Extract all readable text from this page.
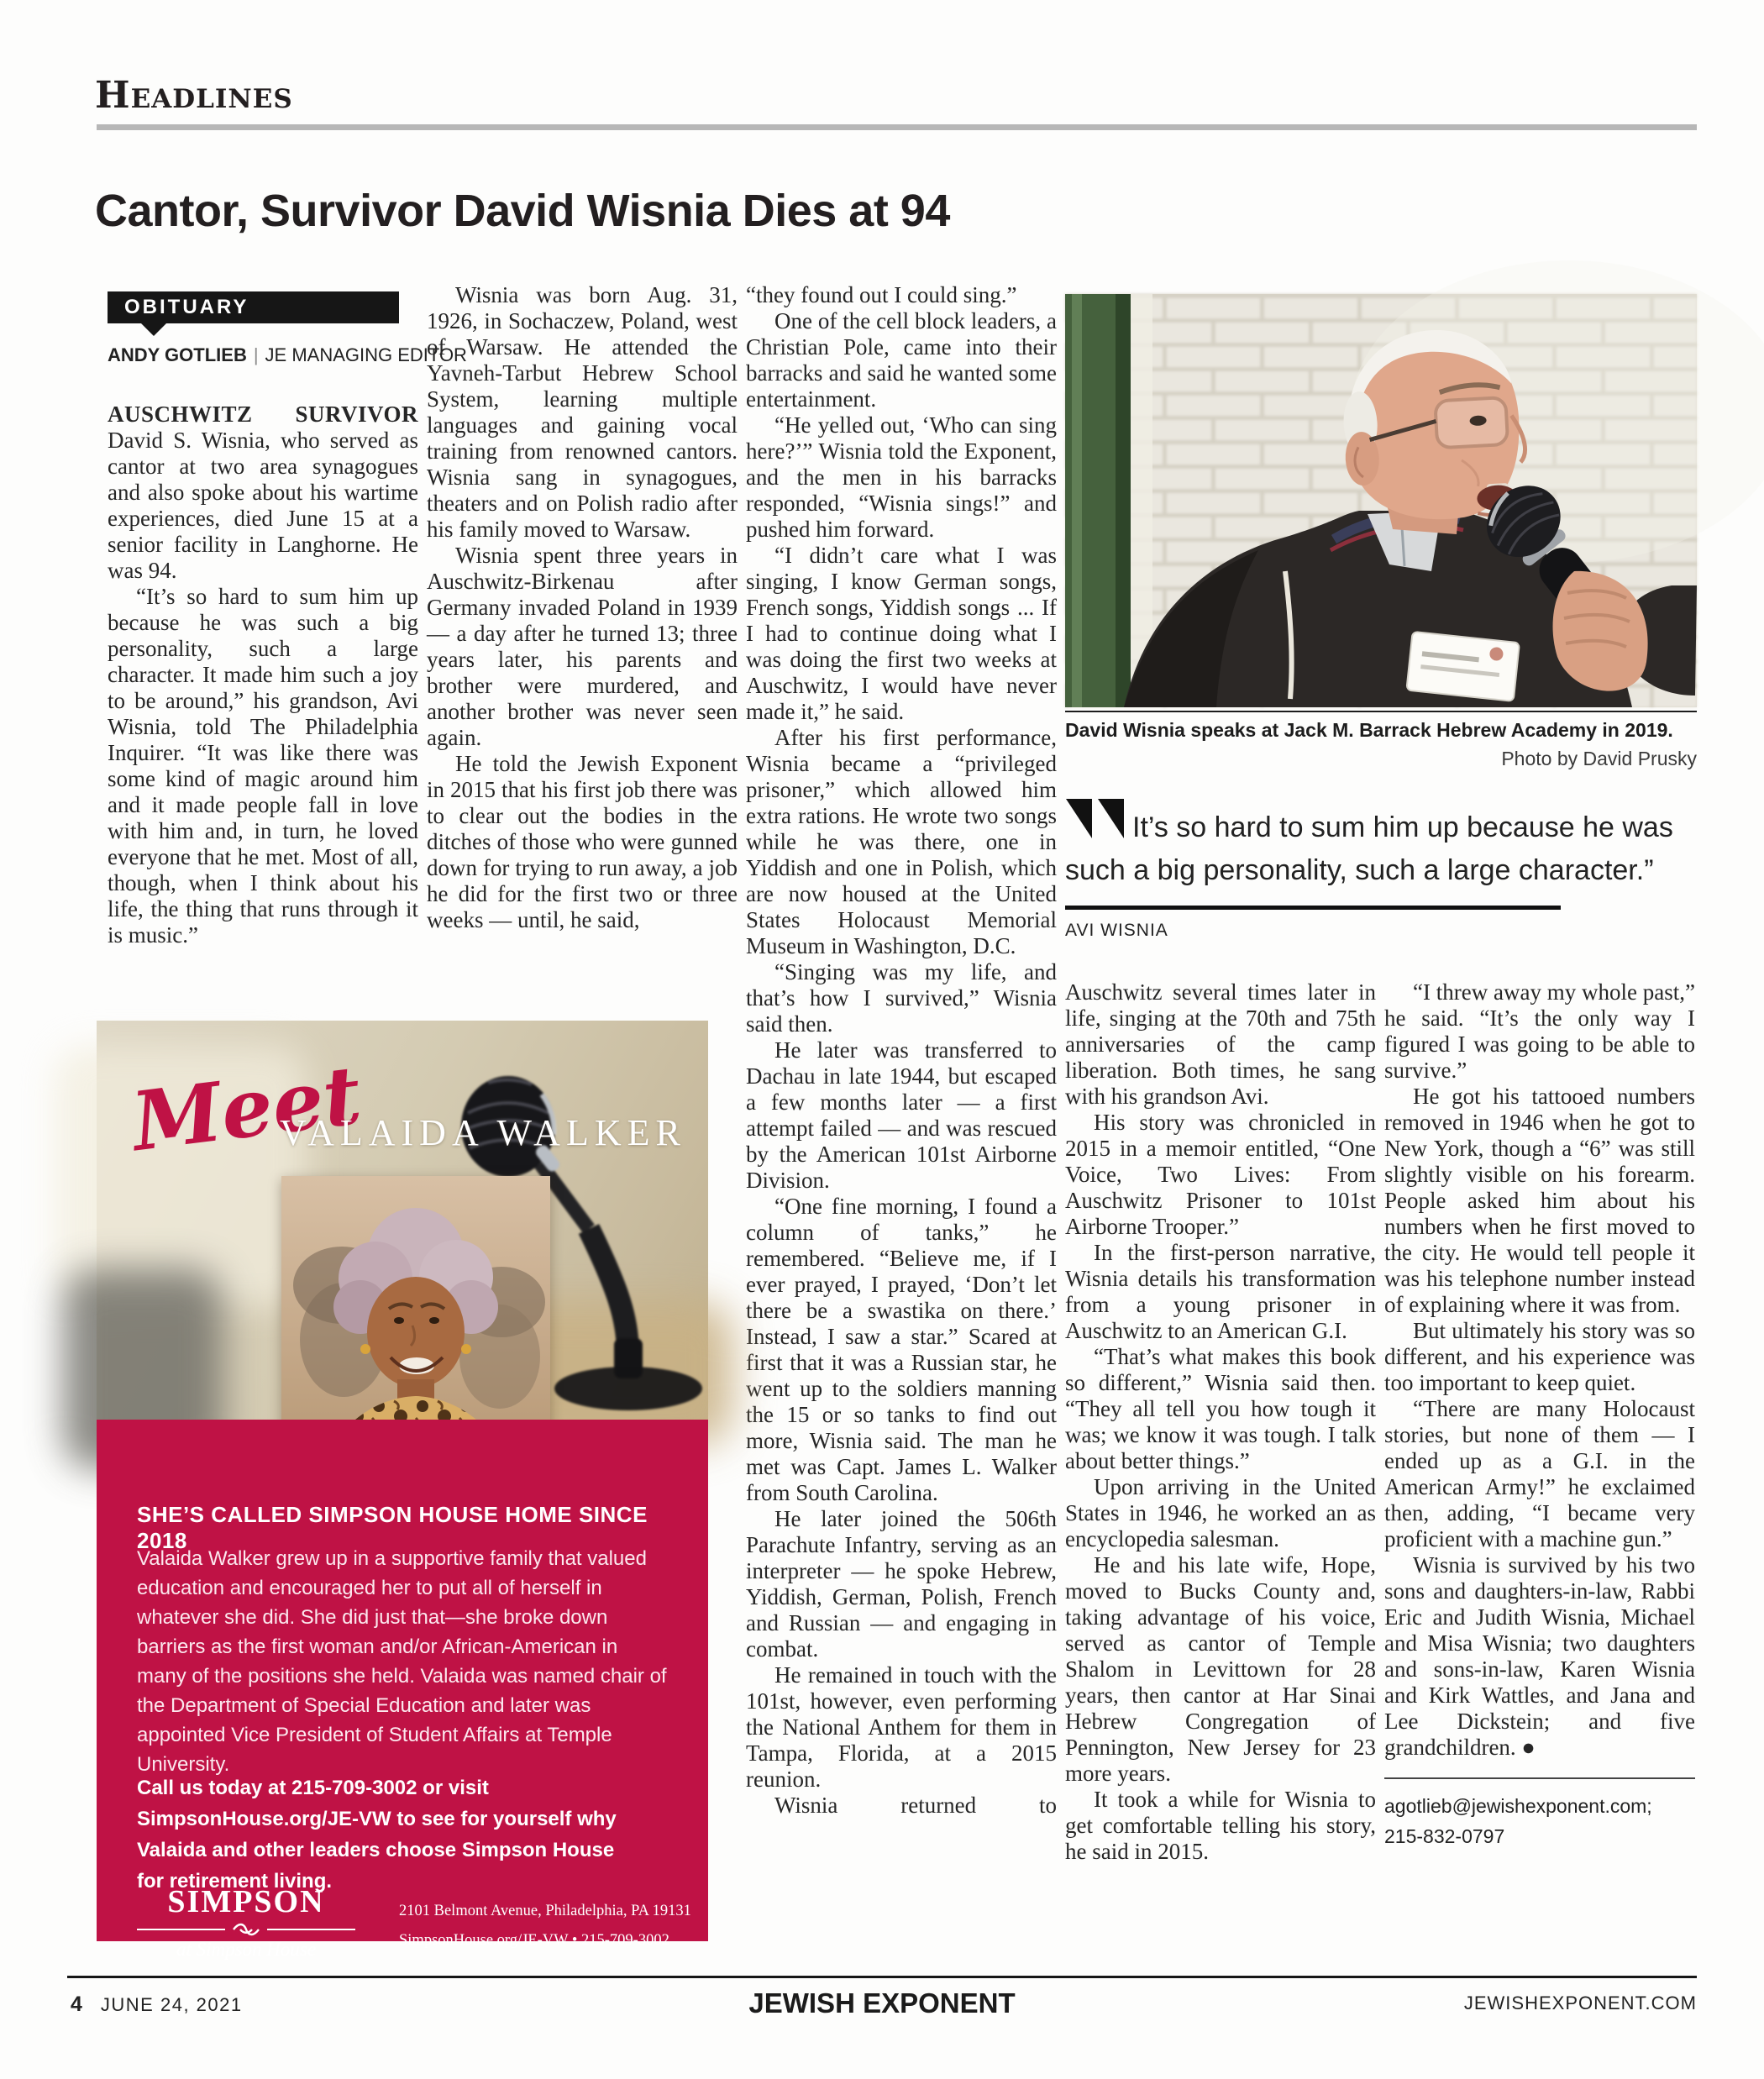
Headlines
Cantor, Survivor David Wisnia Dies at 94
OBITUARY
ANDY GOTLIEB | JE MANAGING EDITOR

AUSCHWITZ SURVIVOR David S. Wisnia, who served as cantor at two area synagogues and also spoke about his wartime experiences, died June 15 at a senior facility in Langhorne. He was 94.

“It’s so hard to sum him up because he was such a big personality, such a large character. It made him such a joy to be around,” his grandson, Avi Wisnia, told The Philadelphia Inquirer. “It was like there was some kind of magic around him and it made people fall in love with him and, in turn, he loved everyone that he met. Most of all, though, when I think about his life, the thing that runs through it is music.”

Wisnia was born Aug. 31, 1926, in Sochaczew, Poland, west of Warsaw. He attended the Yavneh-Tarbut Hebrew School System, learning multiple languages and gaining vocal training from renowned cantors. Wisnia sang in synagogues, theaters and on Polish radio after his family moved to Warsaw.

Wisnia spent three years in Auschwitz-Birkenau after Germany invaded Poland in 1939 — a day after he turned 13; three years later, his parents and brother were murdered, and another brother was never seen again.

He told the Jewish Exponent in 2015 that his first job there was to clear out the bodies in the ditches of those who were gunned down for trying to run away, a job he did for the first two or three weeks — until, he said,

“they found out I could sing.”

One of the cell block leaders, a Christian Pole, came into their barracks and said he wanted some entertainment.

“He yelled out, ‘Who can sing here?’” Wisnia told the Exponent, and the men in his barracks responded, “Wisnia sings!” and pushed him forward.

“I didn’t care what I was singing, I know German songs, French songs, Yiddish songs ... If I had to continue doing what I was doing the first two weeks at Auschwitz, I would have never made it,” he said.

After his first performance, Wisnia became a “privileged prisoner,” which allowed him extra rations. He wrote two songs while he was there, one in Yiddish and one in Polish, which are now housed at the United States Holocaust Memorial Museum in Washington, D.C.

“Singing was my life, and that’s how I survived,” Wisnia said then.

He later was transferred to Dachau in late 1944, but escaped a few months later — a first attempt failed — and was rescued by the American 101st Airborne Division.

“One fine morning, I found a column of tanks,” he remembered. “Believe me, if I ever prayed, I prayed, ‘Don’t let there be a swastika on there.’ Instead, I saw a star.” Scared at first that it was a Russian star, he went up to the soldiers manning the 15 or so tanks to find out more, Wisnia said. The man he met was Capt. James L. Walker from South Carolina.

He later joined the 506th Parachute Infantry, serving as an interpreter — he spoke Hebrew, Yiddish, German, Polish, French and Russian — and engaging in combat.

He remained in touch with the 101st, however, even performing the National Anthem for them in Tampa, Florida, at a 2015 reunion.

Wisnia returned to

Auschwitz several times later in life, singing at the 70th and 75th anniversaries of the camp liberation. Both times, he sang with his grandson Avi.

His story was chronicled in 2015 in a memoir entitled, “One Voice, Two Lives: From Auschwitz Prisoner to 101st Airborne Trooper.”

In the first-person narrative, Wisnia details his transformation from a young prisoner in Auschwitz to an American G.I.

“That’s what makes this book so different,” Wisnia said then. “They all tell you how tough it was; we know it was tough. I talk about better things.”

Upon arriving in the United States in 1946, he worked an as encyclopedia salesman.

He and his late wife, Hope, moved to Bucks County and, taking advantage of his voice, served as cantor of Temple Shalom in Levittown for 28 years, then cantor at Har Sinai Hebrew Congregation of Pennington, New Jersey for 23 more years.

It took a while for Wisnia to get comfortable telling his story, he said in 2015.

“I threw away my whole past,” he said. “It’s the only way I figured I was going to be able to survive.”

He got his tattooed numbers removed in 1946 when he got to New York, though a “6” was still slightly visible on his forearm. People asked him about his numbers when he first moved to the city. He would tell people it was his telephone number instead of explaining where it was from.

But ultimately his story was so different, and his experience was too important to keep quiet.

“There are many Holocaust stories, but none of them — I ended up as a G.I. in the American Army!” he exclaimed then, adding, “I became very proficient with a machine gun.”

Wisnia is survived by his two sons and daughters-in-law, Rabbi Eric and Judith Wisnia, Michael and Misa Wisnia; two daughters and sons-in-law, Karen Wisnia and Kirk Wattles, and Jana and Lee Dickstein; and five grandchildren. ●

agotlieb@jewishexponent.com;
215-832-0797
David Wisnia speaks at Jack M. Barrack Hebrew Academy in 2019.
Photo by David Prusky
It’s so hard to sum him up because he was such a big personality, such a large character.”
AVI WISNIA
Meet
VALAIDA WALKER
SHE’S CALLED SIMPSON HOUSE HOME SINCE 2018
Valaida Walker grew up in a supportive family that valued education and encouraged her to put all of herself in whatever she did. She did just that—she broke down barriers as the first woman and/or African-American in many of the positions she held. Valaida was named chair of the Department of Special Education and later was appointed Vice President of Student Affairs at Temple University.
Call us today at 215-709-3002 or visit SimpsonHouse.org/JE-VW to see for yourself why Valaida and other leaders choose Simpson House for retirement living.
SIMPSON
at Simpson House
2101 Belmont Avenue, Philadelphia, PA 19131
SimpsonHouse.org/JE-VW • 215-709-3002
4 JUNE 24, 2021	JEWISH EXPONENT	JEWISHEXPONENT.COM
